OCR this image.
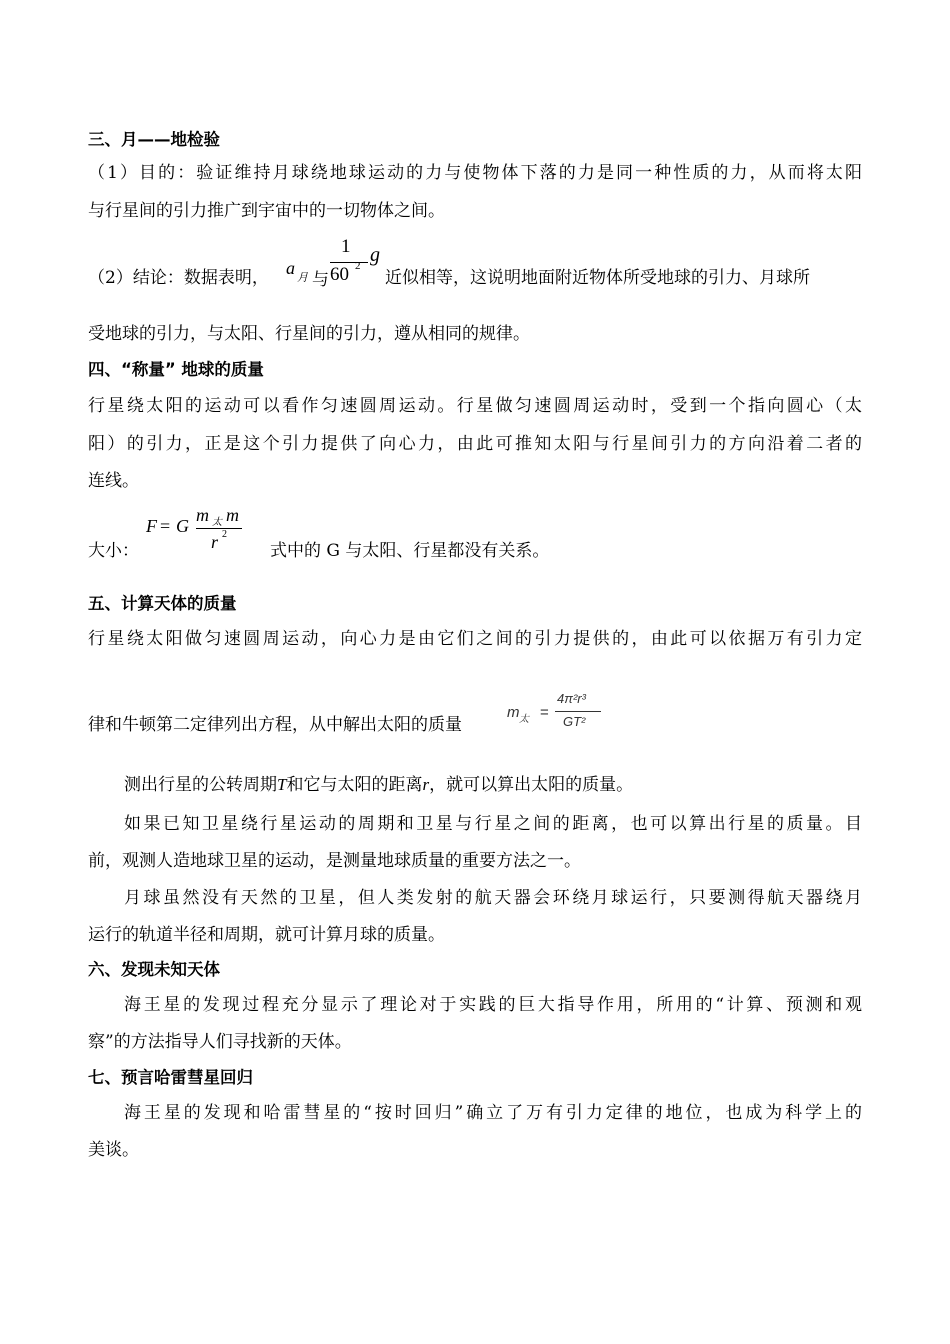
三、月——地检验
（1）目的：验证维持月球绕地球运动的力与使物体下落的力是同一种性质的力，从而将太阳
与行星间的引力推广到宇宙中的一切物体之间。
（2）结论：数据表明， a 月 与
1
60 2 g
近似相等，这说明地面附近物体所受地球的引力、月球所
受地球的引力，与太阳、行星间的引力，遵从相同的规律。
四、“称量” 地球的质量
行星绕太阳的运动可以看作匀速圆周运动。行星做匀速圆周运动时，受到一个指向圆心（太
阳）的引力，正是这个引力提供了向心力，由此可推知太阳与行星间引力的方向沿着二者的
连线。
大小：
F = G
m 太 m
r 2
式中的 G 与太阳、行星都没有关系。
五、计算天体的质量
行星绕太阳做匀速圆周运动，向心力是由它们之间的引力提供的，由此可以依据万有引力定
律和牛顿第二定律列出方程，从中解出太阳的质量
m 太 =
4π²r³
GT²
测出行星的公转周期T和它与太阳的距离r，就可以算出太阳的质量。
如果已知卫星绕行星运动的周期和卫星与行星之间的距离，也可以算出行星的质量。目
前，观测人造地球卫星的运动，是测量地球质量的重要方法之一。
月球虽然没有天然的卫星，但人类发射的航天器会环绕月球运行，只要测得航天器绕月
运行的轨道半径和周期，就可计算月球的质量。
六、发现未知天体
海王星的发现过程充分显示了理论对于实践的巨大指导作用，所用的“计算、预测和观
察”的方法指导人们寻找新的天体。
七、预言哈雷彗星回归
海王星的发现和哈雷彗星的“按时回归”确立了万有引力定律的地位，也成为科学上的
美谈。
